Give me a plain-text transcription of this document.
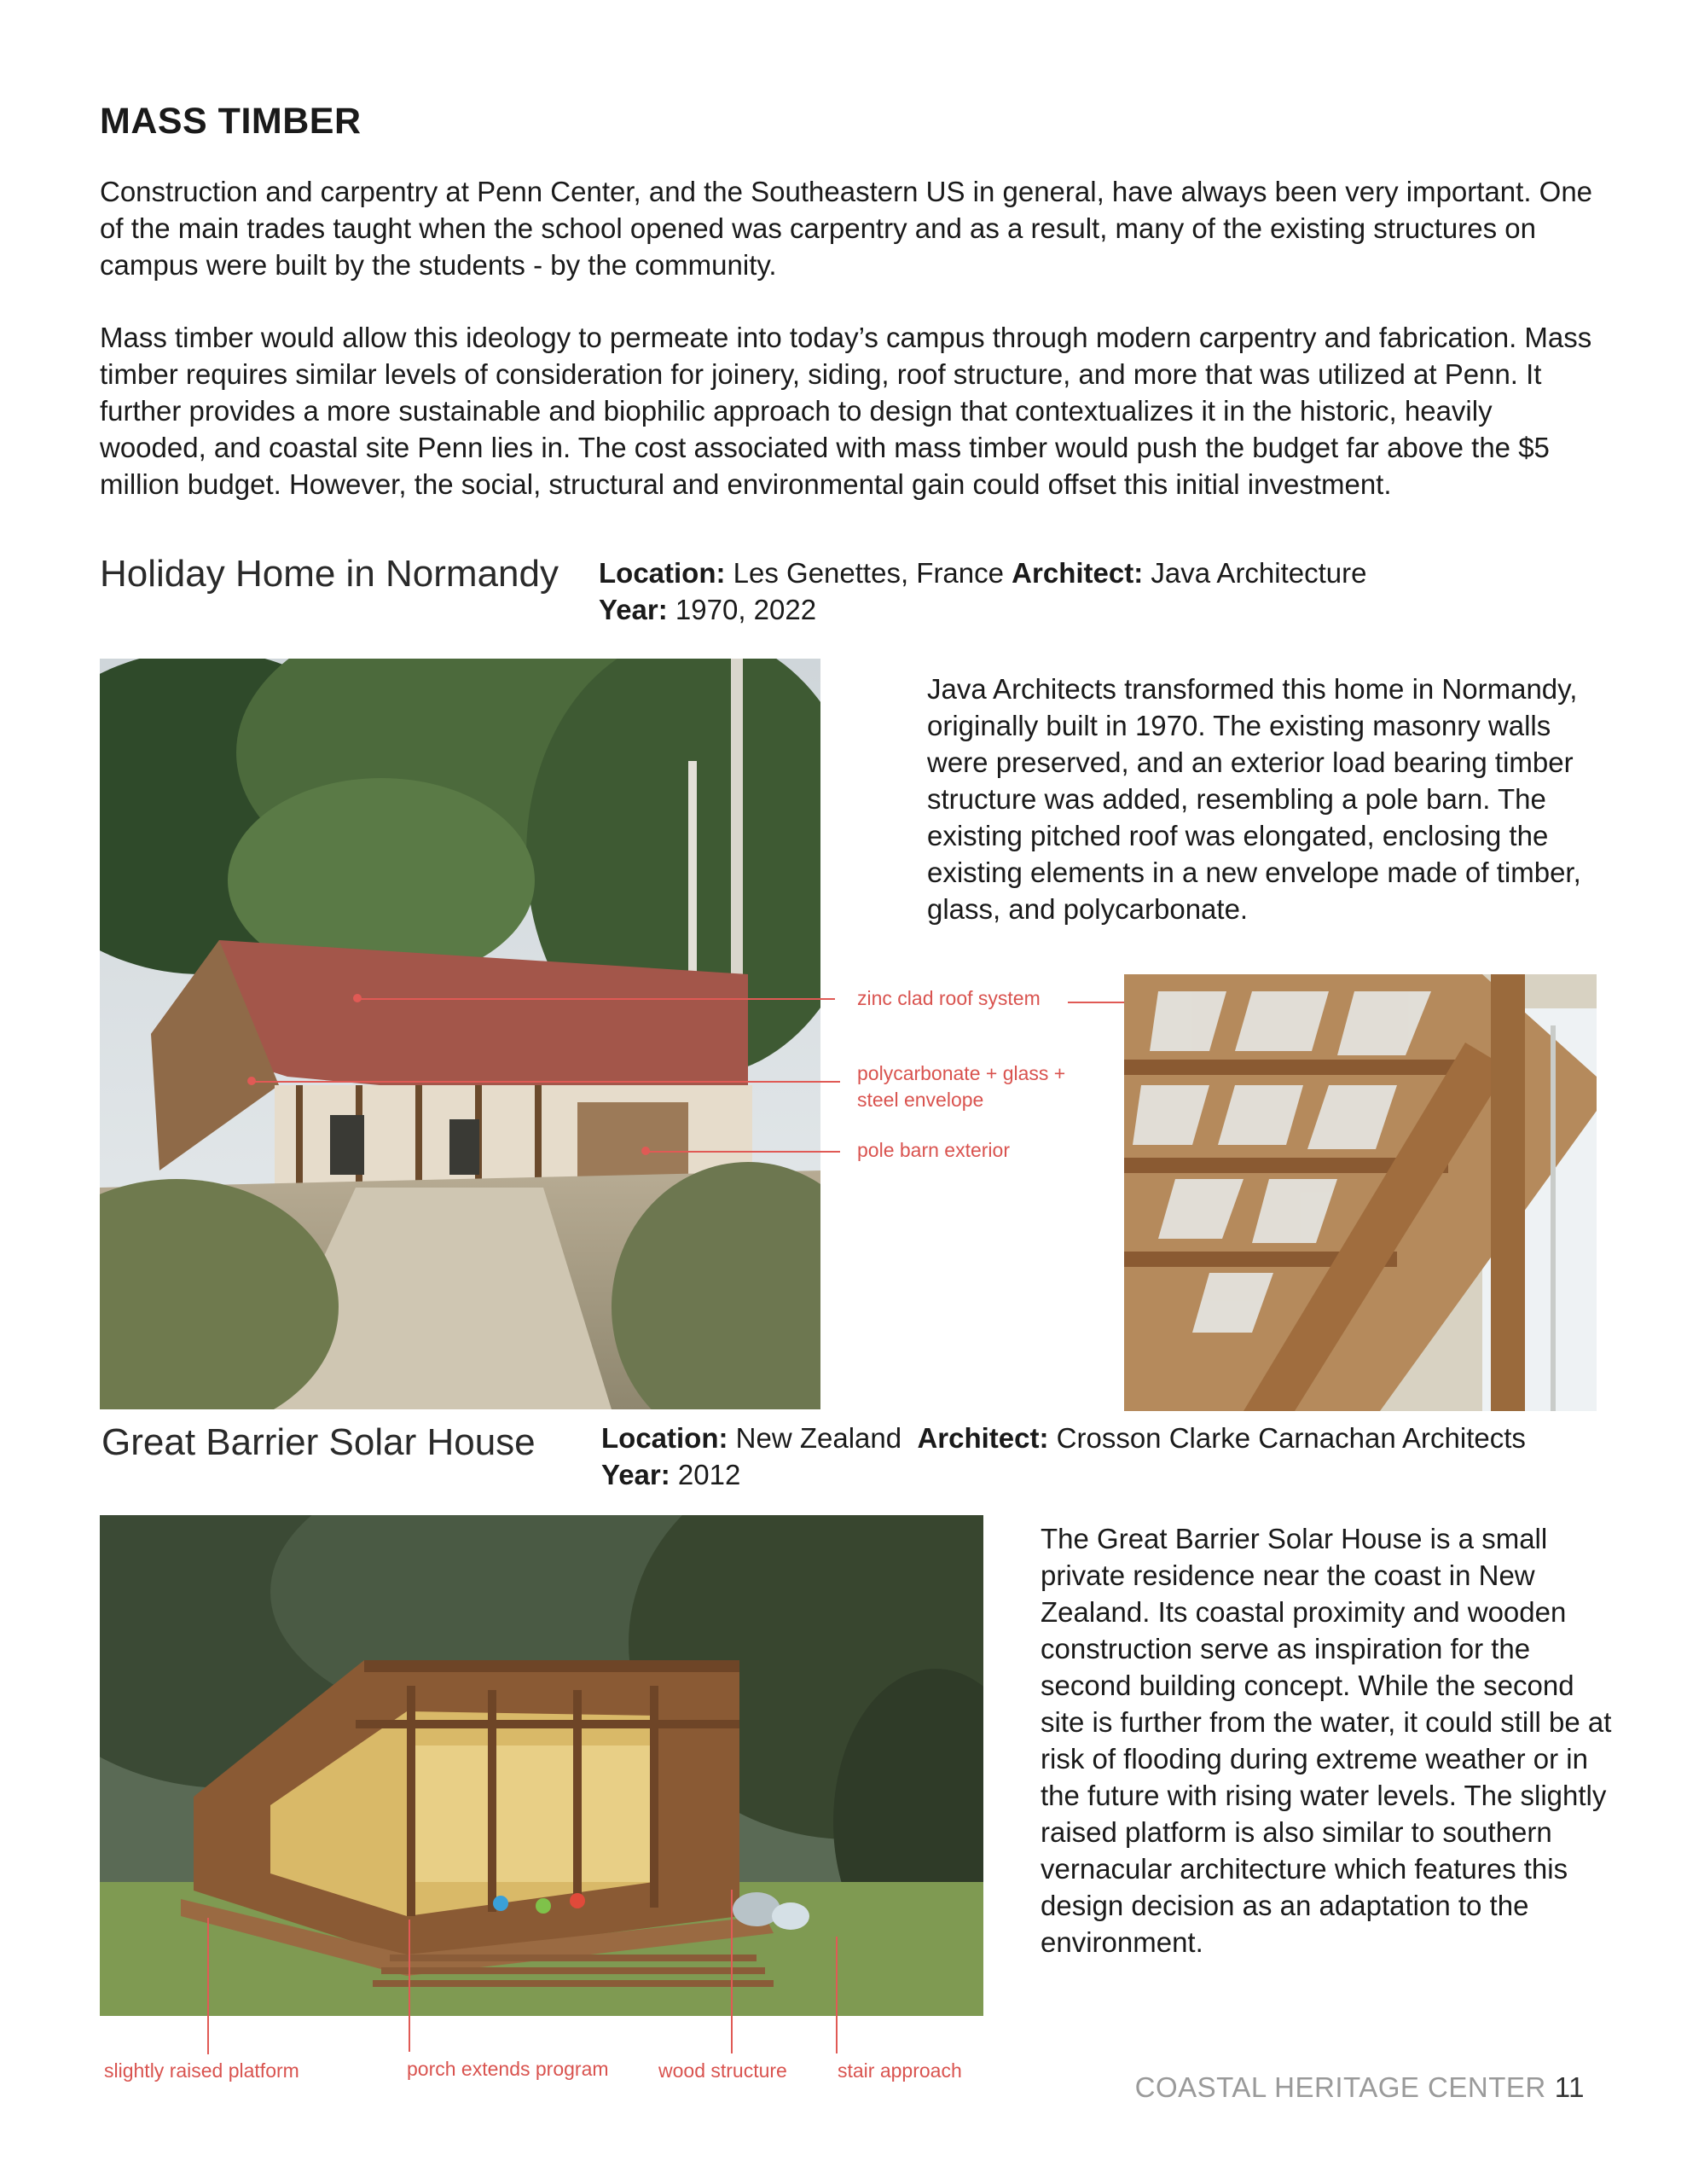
MASS TIMBER

Construction and carpentry at Penn Center, and the Southeastern US in general, have always been very important. One of the main trades taught when the school opened was carpentry and as a result, many of the existing structures on campus were built by the students - by the community.

Mass timber would allow this ideology to permeate into today’s campus through modern carpentry and fabrication. Mass timber requires similar levels of consideration for joinery, siding, roof structure, and more that was utilized at Penn. It further provides a more sustainable and biophilic approach to design that contextualizes it in the historic, heavily wooded, and coastal site Penn lies in. The cost associated with mass timber would push the budget far above the $5 million budget. However, the social, structural and environmental gain could offset this initial investment.

Holiday Home in Normandy Location: Les Genettes, France Architect: Java Architecture
Year: 1970, 2022
Java Architects transformed this home in Normandy, originally built in 1970. The existing masonry walls were preserved, and an exterior load bearing timber structure was added, resembling a pole barn. The existing pitched roof was elongated, enclosing the existing elements in a new envelope made of timber, glass, and polycarbonate.
zinc clad roof system
polycarbonate + glass +
steel envelope
pole barn exterior
Great Barrier Solar House Location: New Zealand Architect: Crosson Clarke Carnachan Architects
Year: 2012
The Great Barrier Solar House is a small private residence near the coast in New Zealand. Its coastal proximity and wooden construction serve as inspiration for the second building concept. While the second site is further from the water, it could still be at risk of flooding during extreme weather or in the future with rising water levels. The slightly raised platform is also similar to southern vernacular architecture which features this design decision as an adaptation to the environment.
slightly raised platform	porch extends program	wood structure	stair approach
COASTAL HERITAGE CENTER 11
